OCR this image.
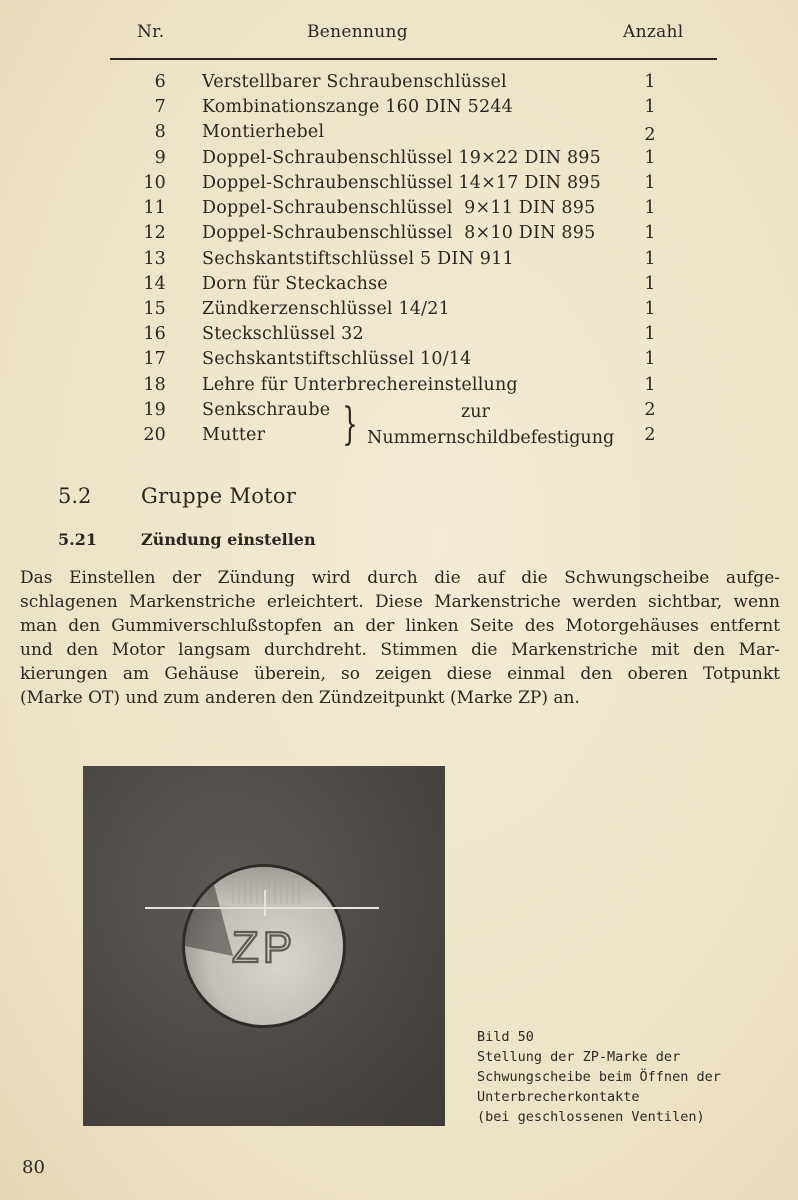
Nr.	Benennung	Anzahl
6 Verstellbarer Schraubenschlüssel	1
7 Kombinationszange 160 DIN 5244	1
8 Montierhebel	2
9 Doppel-Schraubenschlüssel 19×22 DIN 895 1
10 Doppel-Schraubenschlüssel 14×17 DIN 895 1
11 Doppel-Schraubenschlüssel  9×11 DIN 895	1
12 Doppel-Schraubenschlüssel  8×10 DIN 895	1
13 Sechskantstiftschlüssel 5 DIN 911	1
14 Dorn für Steckachse	1
15 Zündkerzenschlüssel 14/21	1
16 Steckschlüssel 32	1
17 Sechskantstiftschlüssel 10/14	1
18 Lehre für Unterbrechereinstellung	1
19 Senkschraube	2
20 Mutter	2
}	zur
Nummernschildbefestigung
5.2 Gruppe Motor
5.21	Zündung einstellen
Das Einstellen der Zündung wird durch die auf die Schwungscheibe aufge-
schlagenen Markenstriche erleichtert. Diese Markenstriche werden sichtbar, wenn
man den Gummiverschlußstopfen an der linken Seite des Motorgehäuses entfernt
und den Motor langsam durchdreht. Stimmen die Markenstriche mit den Mar-
kierungen am Gehäuse überein, so zeigen diese einmal den oberen Totpunkt
(Marke OT) und zum anderen den Zündzeitpunkt (Marke ZP) an.
ZP
Bild 50
Stellung der ZP-Marke der
Schwungscheibe beim Öffnen der
Unterbrecherkontakte
(bei geschlossenen Ventilen)
80
